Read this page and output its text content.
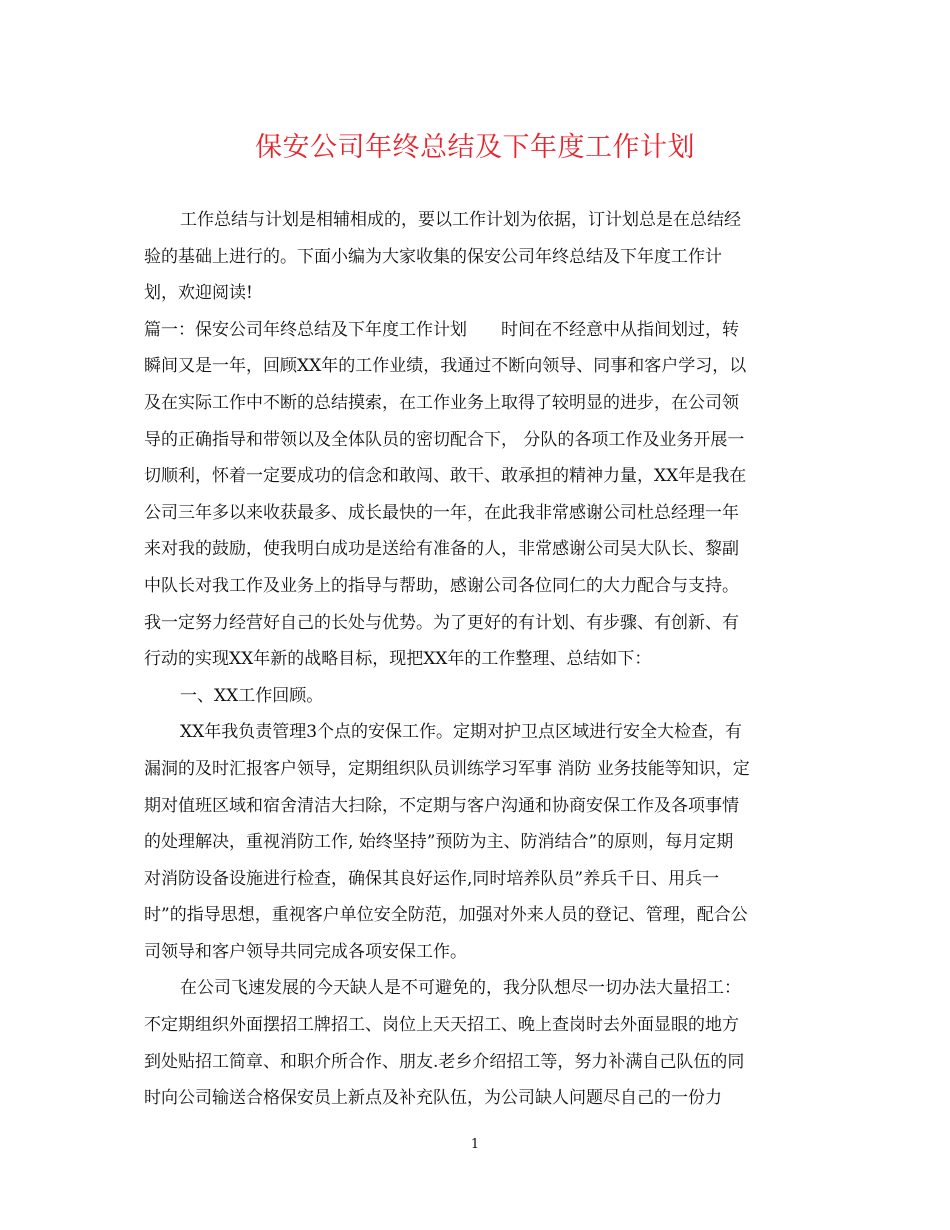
保安公司年终总结及下年度工作计划
工作总结与计划是相辅相成的，要以工作计划为依据，订计划总是在总结经
验的基础上进行的。下面小编为大家收集的保安公司年终总结及下年度工作计
划，欢迎阅读!
篇一：保安公司年终总结及下年度工作计划　　时间在不经意中从指间划过，转
瞬间又是一年，回顾XX年的工作业绩，我通过不断向领导、同事和客户学习，以
及在实际工作中不断的总结摸索，在工作业务上取得了较明显的进步，在公司领
导的正确指导和带领以及全体队员的密切配合下， 分队的各项工作及业务开展一
切顺利，怀着一定要成功的信念和敢闯、敢干、敢承担的精神力量，XX年是我在
公司三年多以来收获最多、成长最快的一年，在此我非常感谢公司杜总经理一年
来对我的鼓励，使我明白成功是送给有准备的人，非常感谢公司吴大队长、黎副
中队长对我工作及业务上的指导与帮助，感谢公司各位同仁的大力配合与支持。
我一定努力经营好自己的长处与优势。为了更好的有计划、有步骤、有创新、有
行动的实现XX年新的战略目标，现把XX年的工作整理、总结如下：
一、XX工作回顾。
XX年我负责管理3个点的安保工作。定期对护卫点区域进行安全大检查，有
漏洞的及时汇报客户领导，定期组织队员训练学习军事 消防 业务技能等知识，定
期对值班区域和宿舍清洁大扫除，不定期与客户沟通和协商安保工作及各项事情
的处理解决，重视消防工作, 始终坚持”预防为主、防消结合”的原则，每月定期
对消防设备设施进行检查，确保其良好运作,同时培养队员”养兵千日、用兵一
时”的指导思想，重视客户单位安全防范，加强对外来人员的登记、管理，配合公
司领导和客户领导共同完成各项安保工作。
在公司飞速发展的今天缺人是不可避免的，我分队想尽一切办法大量招工：
不定期组织外面摆招工牌招工、岗位上天天招工、晚上查岗时去外面显眼的地方
到处贴招工简章、和职介所合作、朋友.老乡介绍招工等，努力补满自己队伍的同
时向公司输送合格保安员上新点及补充队伍，为公司缺人问题尽自己的一份力
1
